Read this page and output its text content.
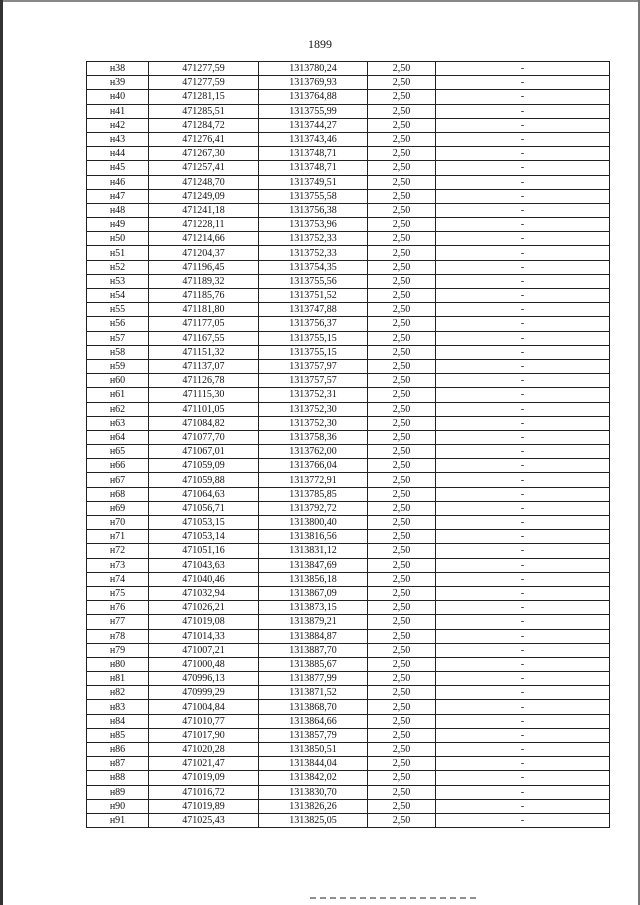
1899
н38	471277,59	1313780,24	2,50	-
н39	471277,59	1313769,93	2,50	-
н40	471281,15	1313764,88	2,50	-
н41	471285,51	1313755,99	2,50	-
н42	471284,72	1313744,27	2,50	-
н43	471276,41	1313743,46	2,50	-
н44	471267,30	1313748,71	2,50	-
н45	471257,41	1313748,71	2,50	-
н46	471248,70	1313749,51	2,50	-
н47	471249,09	1313755,58	2,50	-
н48	471241,18	1313756,38	2,50	-
н49	471228,11	1313753,96	2,50	-
н50	471214,66	1313752,33	2,50	-
н51	471204,37	1313752,33	2,50	-
н52	471196,45	1313754,35	2,50	-
н53	471189,32	1313755,56	2,50	-
н54	471185,76	1313751,52	2,50	-
н55	471181,80	1313747,88	2,50	-
н56	471177,05	1313756,37	2,50	-
н57	471167,55	1313755,15	2,50	-
н58	471151,32	1313755,15	2,50	-
н59	471137,07	1313757,97	2,50	-
н60	471126,78	1313757,57	2,50	-
н61	471115,30	1313752,31	2,50	-
н62	471101,05	1313752,30	2,50	-
н63	471084,82	1313752,30	2,50	-
н64	471077,70	1313758,36	2,50	-
н65	471067,01	1313762,00	2,50	-
н66	471059,09	1313766,04	2,50	-
н67	471059,88	1313772,91	2,50	-
н68	471064,63	1313785,85	2,50	-
н69	471056,71	1313792,72	2,50	-
н70	471053,15	1313800,40	2,50	-
н71	471053,14	1313816,56	2,50	-
н72	471051,16	1313831,12	2,50	-
н73	471043,63	1313847,69	2,50	-
н74	471040,46	1313856,18	2,50	-
н75	471032,94	1313867,09	2,50	-
н76	471026,21	1313873,15	2,50	-
н77	471019,08	1313879,21	2,50	-
н78	471014,33	1313884,87	2,50	-
н79	471007,21	1313887,70	2,50	-
н80	471000,48	1313885,67	2,50	-
н81	470996,13	1313877,99	2,50	-
н82	470999,29	1313871,52	2,50	-
н83	471004,84	1313868,70	2,50	-
н84	471010,77	1313864,66	2,50	-
н85	471017,90	1313857,79	2,50	-
н86	471020,28	1313850,51	2,50	-
н87	471021,47	1313844,04	2,50	-
н88	471019,09	1313842,02	2,50	-
н89	471016,72	1313830,70	2,50	-
н90	471019,89	1313826,26	2,50	-
н91	471025,43	1313825,05	2,50	-
